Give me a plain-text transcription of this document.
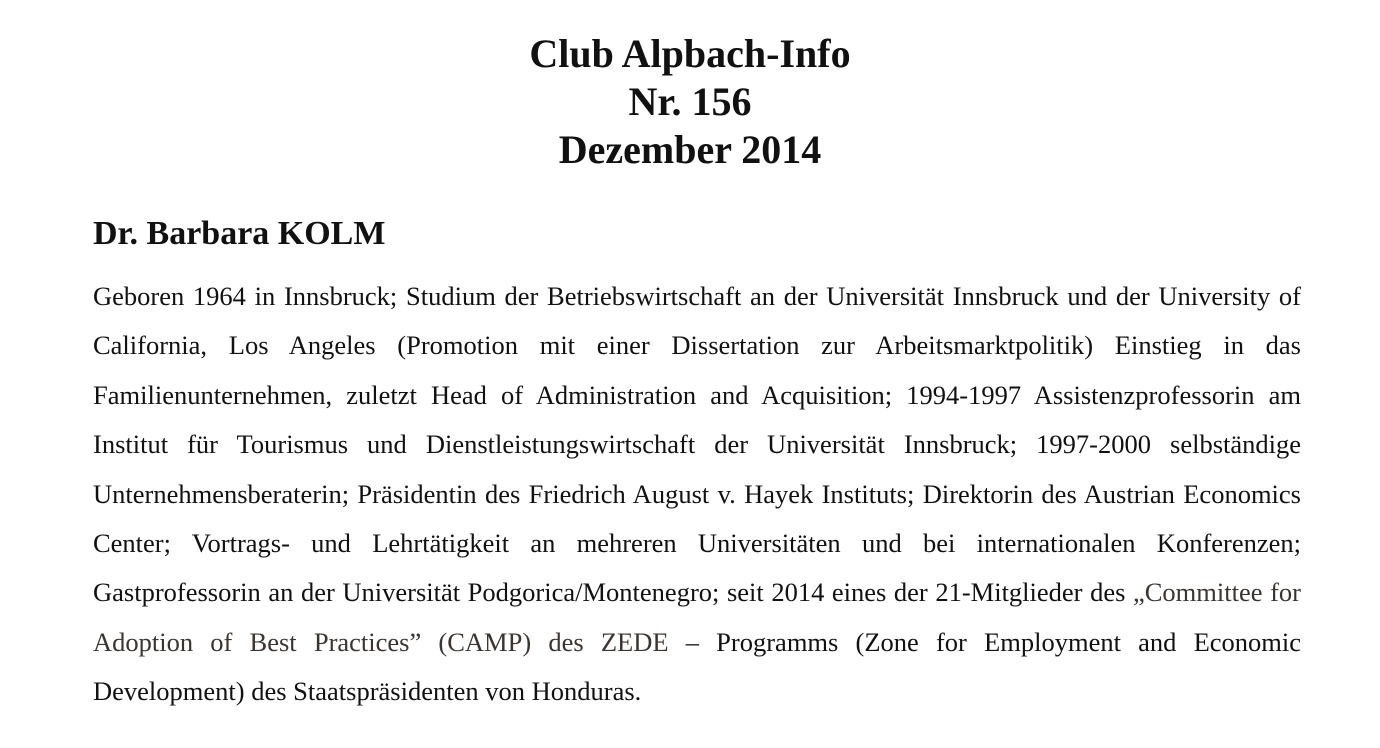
Club Alpbach-Info
Nr. 156
Dezember 2014
Dr. Barbara KOLM

Geboren 1964 in Innsbruck; Studium der Betriebswirtschaft an der Universität Innsbruck und der University of California, Los Angeles (Promotion mit einer Dissertation zur Arbeitsmarktpolitik) Einstieg in das Familienunternehmen, zuletzt Head of Administration and Acquisition; 1994-1997 Assistenzprofessorin am Institut für Tourismus und Dienstleistungswirtschaft der Universität Innsbruck; 1997-2000 selbständige Unternehmensberaterin; Präsidentin des Friedrich August v. Hayek Instituts; Direktorin des Austrian Economics Center; Vortrags- und Lehrtätigkeit an mehreren Universitäten und bei internationalen Konferenzen; Gastprofessorin an der Universität Podgorica/Montenegro; seit 2014 eines der 21-Mitglieder des „Committee for Adoption of Best Practices” (CAMP) des ZEDE – Programms (Zone for Employment and Economic Development) des Staatspräsidenten von Honduras.
